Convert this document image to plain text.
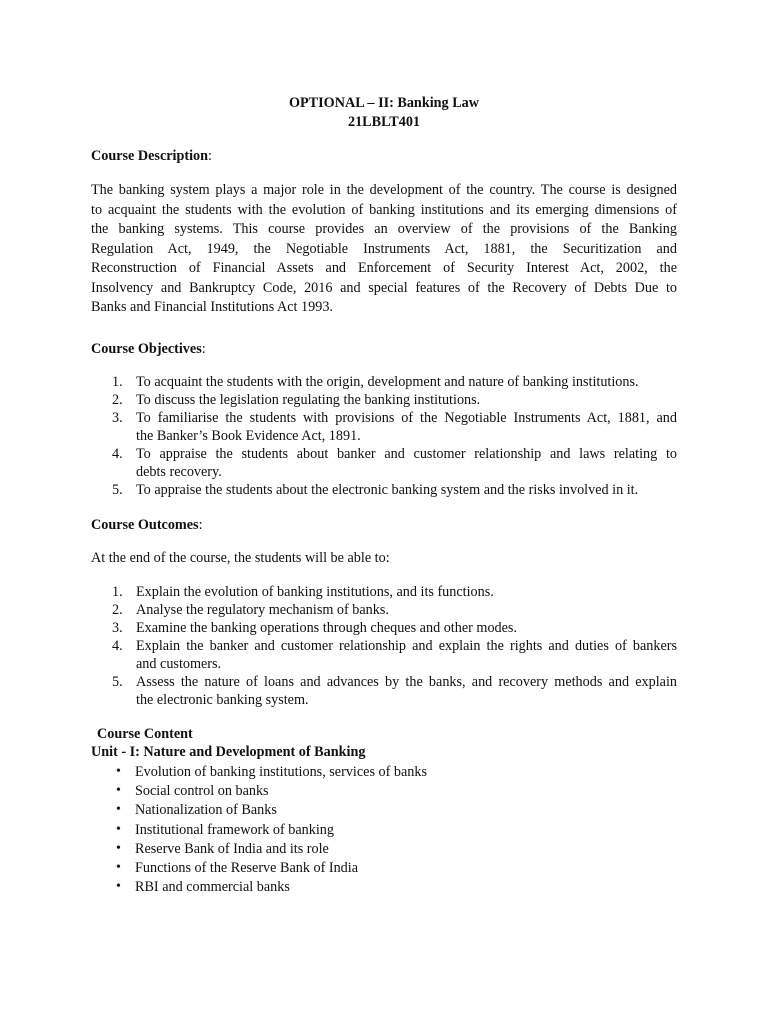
OPTIONAL – II: Banking Law
21LBLT401
Course Description:
The banking system plays a major role in the development of the country. The course is designed
to acquaint the students with the evolution of banking institutions and its emerging dimensions of
the banking systems. This course provides an overview of the provisions of the Banking
Regulation Act, 1949, the Negotiable Instruments Act, 1881, the Securitization and
Reconstruction of Financial Assets and Enforcement of Security Interest Act, 2002, the
Insolvency and Bankruptcy Code, 2016 and special features of the Recovery of Debts Due to
Banks and Financial Institutions Act 1993.
Course Objectives:
1. To acquaint the students with the origin, development and nature of banking institutions.
2. To discuss the legislation regulating the banking institutions.
3. To familiarise the students with provisions of the Negotiable Instruments Act, 1881, and
the Banker’s Book Evidence Act, 1891.
4. To appraise the students about banker and customer relationship and laws relating to
debts recovery.
5. To appraise the students about the electronic banking system and the risks involved in it.
Course Outcomes:
At the end of the course, the students will be able to:
1. Explain the evolution of banking institutions, and its functions.
2. Analyse the regulatory mechanism of banks.
3. Examine the banking operations through cheques and other modes.
4. Explain the banker and customer relationship and explain the rights and duties of bankers
and customers.
5. Assess the nature of loans and advances by the banks, and recovery methods and explain
the electronic banking system.
Course Content
Unit - I: Nature and Development of Banking
• Evolution of banking institutions, services of banks
• Social control on banks
• Nationalization of Banks
• Institutional framework of banking
• Reserve Bank of India and its role
• Functions of the Reserve Bank of India
• RBI and commercial banks
